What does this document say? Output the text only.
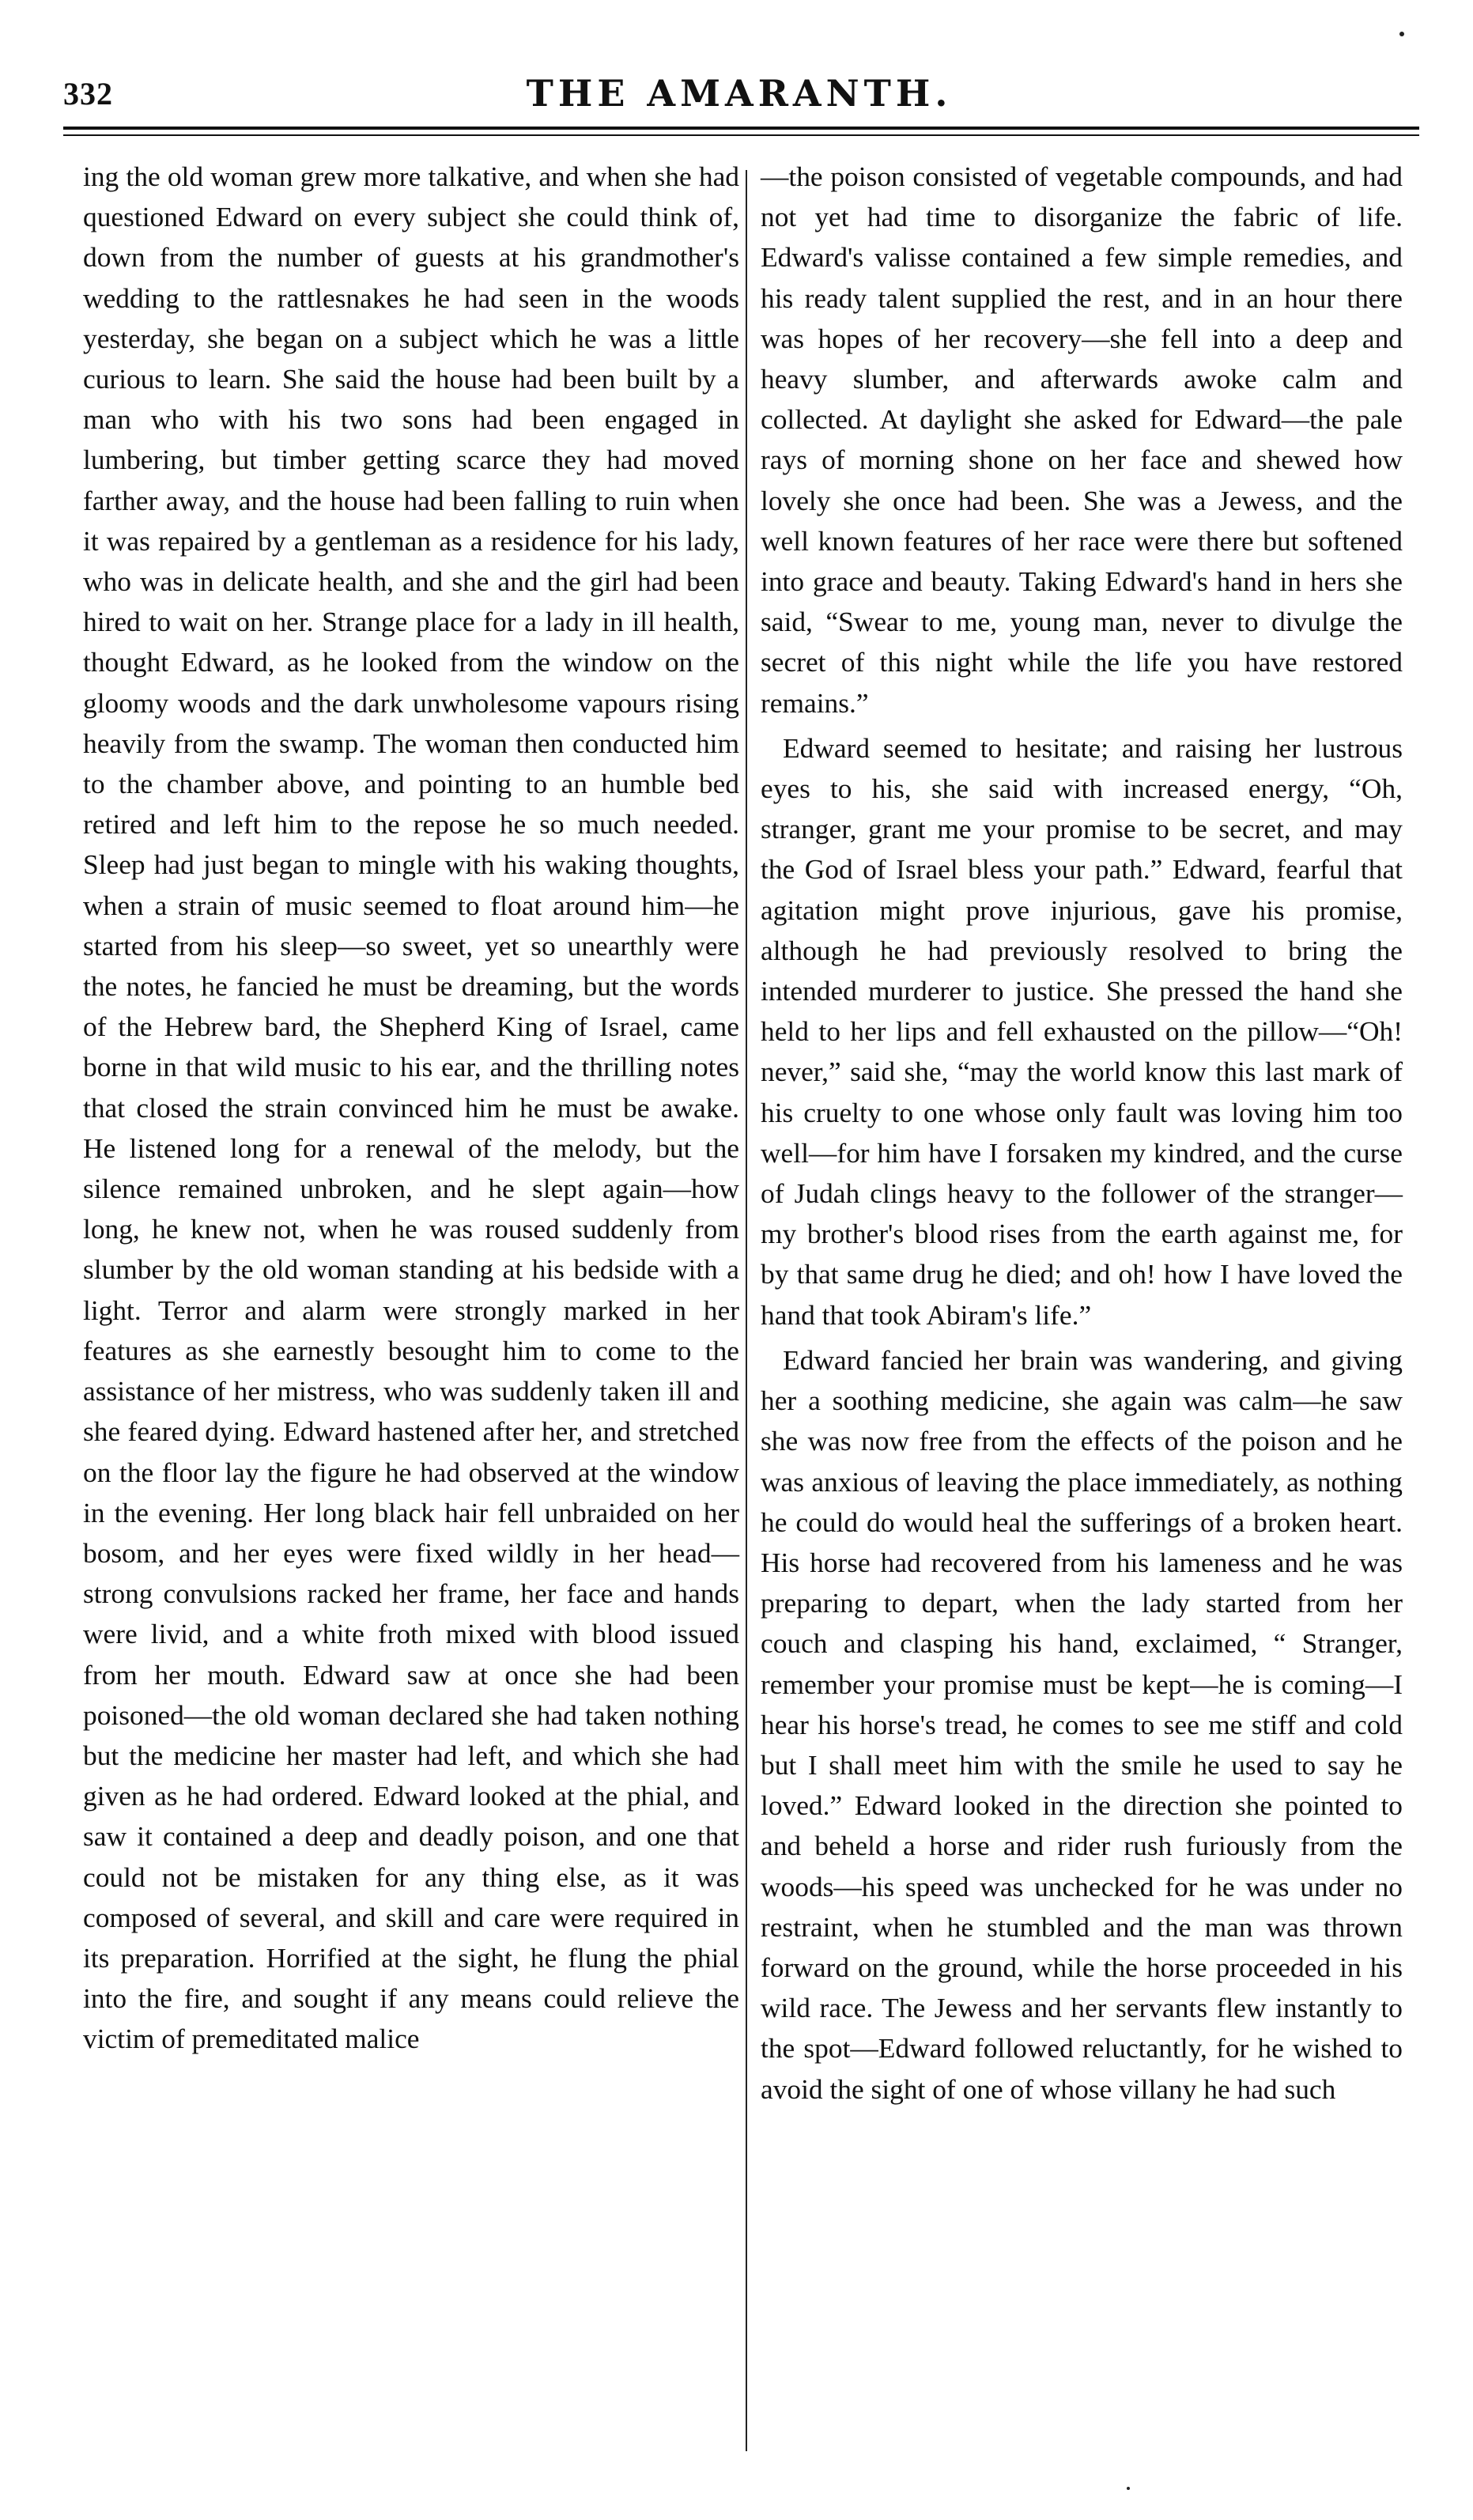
332	THE AMARANTH.

ing the old woman grew more talkative, and when she had questioned Edward on every subject she could think of, down from the number of guests at his grandmother's wedding to the rattlesnakes he had seen in the woods yesterday, she began on a subject which he was a little curious to learn. She said the house had been built by a man who with his two sons had been engaged in lumbering, but timber getting scarce they had moved farther away, and the house had been falling to ruin when it was repaired by a gentleman as a residence for his lady, who was in delicate health, and she and the girl had been hired to wait on her. Strange place for a lady in ill health, thought Edward, as he looked from the window on the gloomy woods and the dark unwholesome vapours rising heavily from the swamp. The woman then conducted him to the chamber above, and pointing to an humble bed retired and left him to the repose he so much needed. Sleep had just began to mingle with his waking thoughts, when a strain of music seemed to float around him—he started from his sleep—so sweet, yet so unearthly were the notes, he fancied he must be dreaming, but the words of the Hebrew bard, the Shepherd King of Israel, came borne in that wild music to his ear, and the thrilling notes that closed the strain convinced him he must be awake. He listened long for a renewal of the melody, but the silence remained unbroken, and he slept again—how long, he knew not, when he was roused suddenly from slumber by the old woman standing at his bedside with a light. Terror and alarm were strongly marked in her features as she earnestly besought him to come to the assistance of her mistress, who was suddenly taken ill and she feared dying. Edward hastened after her, and stretched on the floor lay the figure he had observed at the window in the evening. Her long black hair fell unbraided on her bosom, and her eyes were fixed wildly in her head—strong convulsions racked her frame, her face and hands were livid, and a white froth mixed with blood issued from her mouth. Edward saw at once she had been poisoned—the old woman declared she had taken nothing but the medicine her master had left, and which she had given as he had ordered. Edward looked at the phial, and saw it contained a deep and deadly poison, and one that could not be mistaken for any thing else, as it was composed of several, and skill and care were required in its preparation. Horrified at the sight, he flung the phial into the fire, and sought if any means could relieve the victim of premeditated malice

—the poison consisted of vegetable compounds, and had not yet had time to disorganize the fabric of life. Edward's valisse contained a few simple remedies, and his ready talent supplied the rest, and in an hour there was hopes of her recovery—she fell into a deep and heavy slumber, and afterwards awoke calm and collected. At daylight she asked for Edward—the pale rays of morning shone on her face and shewed how lovely she once had been. She was a Jewess, and the well known features of her race were there but softened into grace and beauty. Taking Edward's hand in hers she said, “Swear to me, young man, never to divulge the secret of this night while the life you have restored remains.”

Edward seemed to hesitate; and raising her lustrous eyes to his, she said with increased energy, “Oh, stranger, grant me your promise to be secret, and may the God of Israel bless your path.” Edward, fearful that agitation might prove injurious, gave his promise, although he had previously resolved to bring the intended murderer to justice. She pressed the hand she held to her lips and fell exhausted on the pillow—“Oh! never,” said she, “may the world know this last mark of his cruelty to one whose only fault was loving him too well—for him have I forsaken my kindred, and the curse of Judah clings heavy to the follower of the stranger—my brother's blood rises from the earth against me, for by that same drug he died; and oh! how I have loved the hand that took Abiram's life.”

Edward fancied her brain was wandering, and giving her a soothing medicine, she again was calm—he saw she was now free from the effects of the poison and he was anxious of leaving the place immediately, as nothing he could do would heal the sufferings of a broken heart. His horse had recovered from his lameness and he was preparing to depart, when the lady started from her couch and clasping his hand, exclaimed, “ Stranger, remember your promise must be kept—he is coming—I hear his horse's tread, he comes to see me stiff and cold but I shall meet him with the smile he used to say he loved.” Edward looked in the direction she pointed to and beheld a horse and rider rush furiously from the woods—his speed was unchecked for he was under no restraint, when he stumbled and the man was thrown forward on the ground, while the horse proceeded in his wild race. The Jewess and her servants flew instantly to the spot—Edward followed reluctantly, for he wished to avoid the sight of one of whose villany he had such
